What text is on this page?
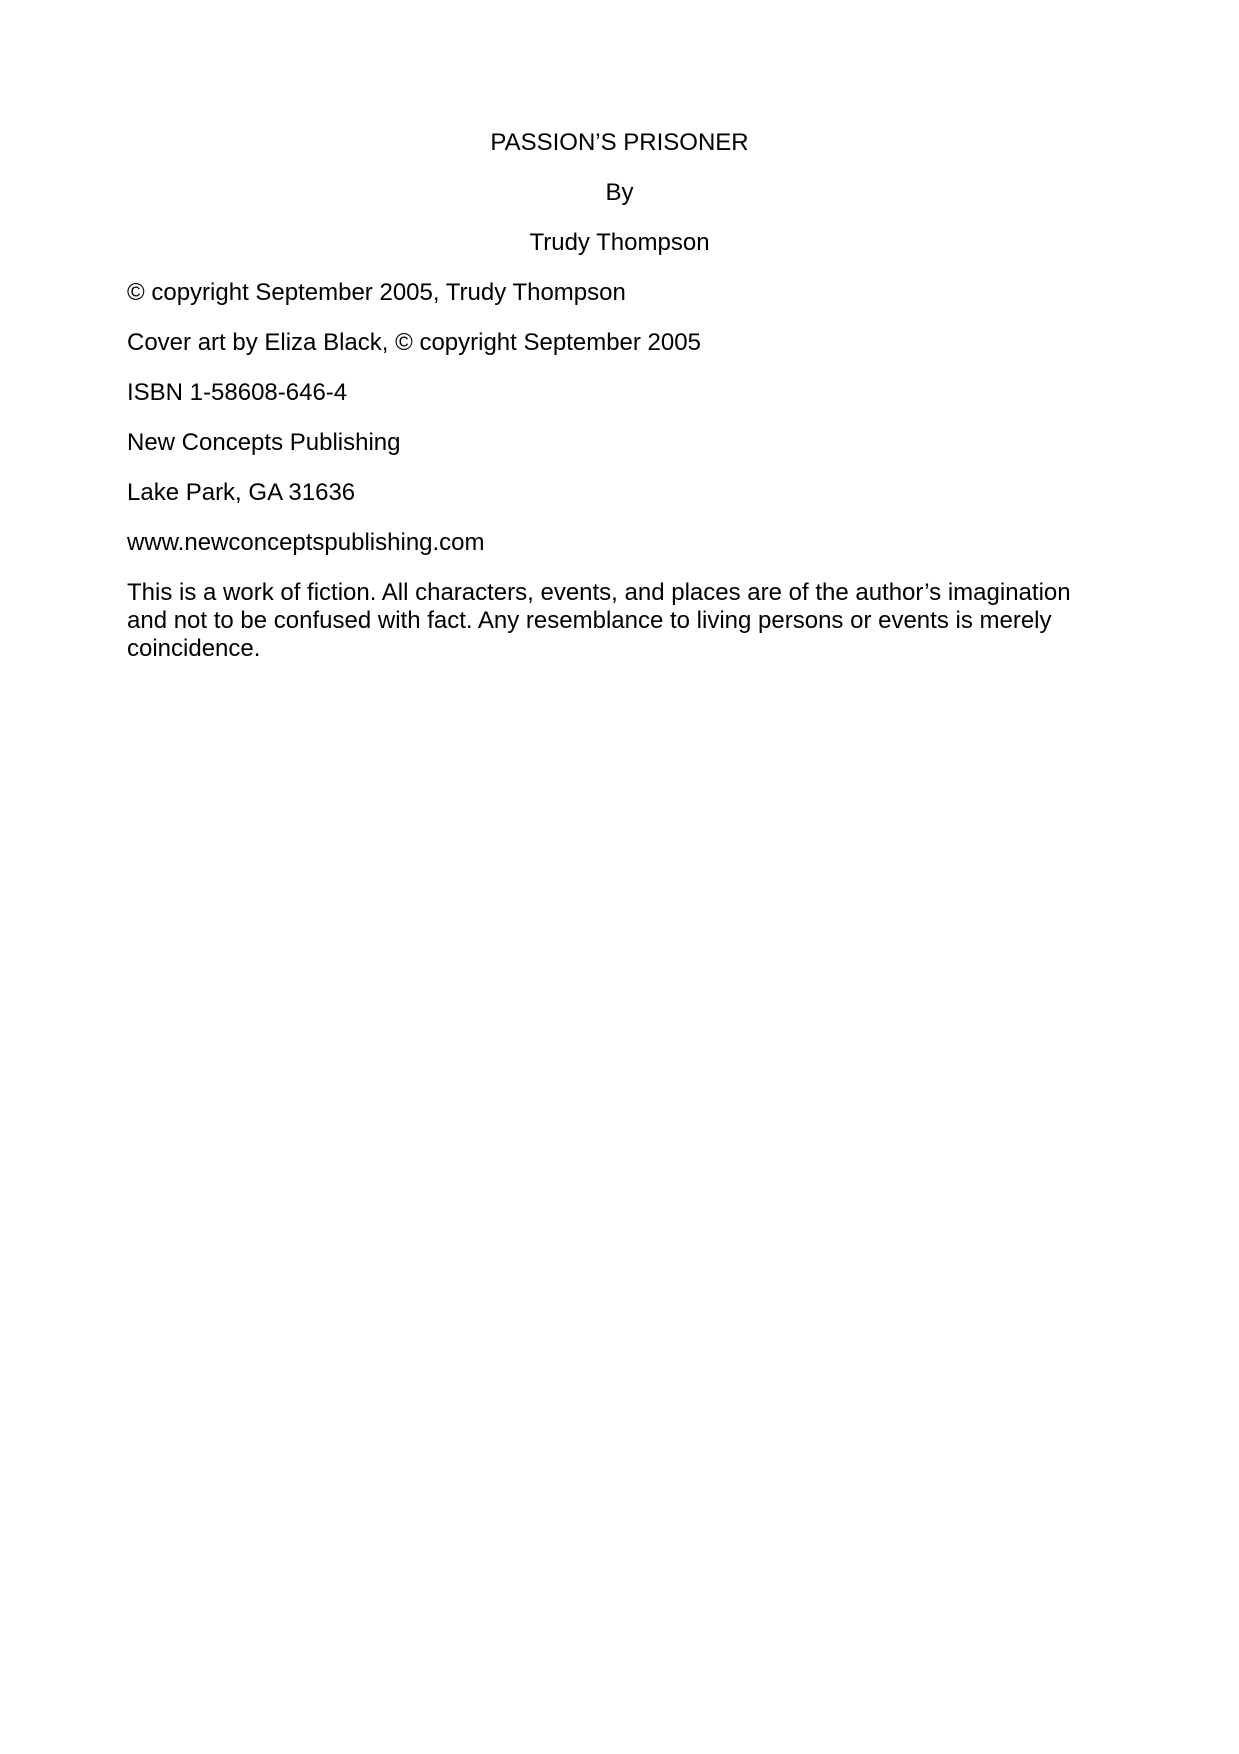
PASSION’S PRISONER
By
Trudy Thompson
© copyright September 2005, Trudy Thompson
Cover art by Eliza Black, © copyright September 2005
ISBN 1-58608-646-4
New Concepts Publishing
Lake Park, GA 31636
www.newconceptspublishing.com
This is a work of fiction. All characters, events, and places are of the author’s imagination and not to be confused with fact. Any resemblance to living persons or events is merely coincidence.
